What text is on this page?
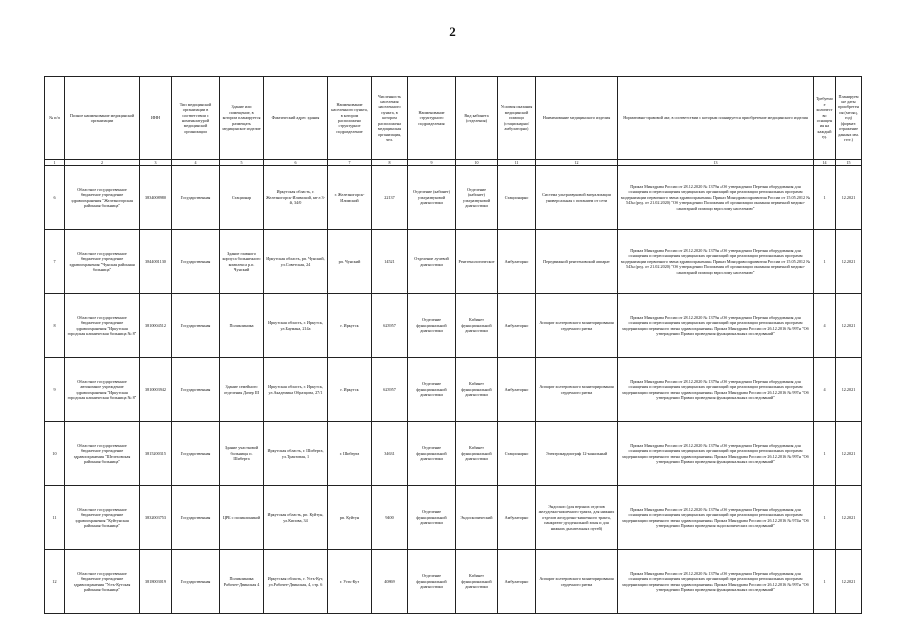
2
№ п/п	Полное наименование медицинской организации	ИНН	Тип медицинской организации в соответствии с номенклатурой медицинской организации	Здание или помещение, в котором планируется размещать медицинское изделие	Фактический адрес здания	Наименование населенного пункта, в котором расположено структурное подразделение	Численность населения населенного пункта, в котором расположена медицинская организация, чел.	Наименование структурного подразделения	Вид кабинета (отделения)	Условия оказания медицинской помощи (стационарно/амбулаторно)	Наименование медицинского изделия	Нормативно-правовой акт, в соответствии с которым планируется приобретение медицинского изделия	Требуемое количество оснащения на каждый ед.	Планируемые даты приобретения (месяц, год) (формат: отражение данных мм. гггг.)
1	2	3	4	5	6	7	8	9	10	11	12	13	14	15
6	Областное государственное бюджетное учреждение здравоохранения "Железногорская районная больница"	3834008980	Государственная	Стационар	Иркутская область, г. Железногорск-Илимский, кв-л 3-й, 34/0	г. Железногорск-Илимский	22137	Отделение (кабинет) ультразвуковой диагностики	Отделение (кабинет) ультразвуковой диагностики	Стационарно	Система ультразвуковой визуализации универсальная с питанием от сети	Приказ Минздрава России от 28.12.2020 № 1379н «Об утверждении Перечня оборудования для оснащения и переоснащения медицинских организаций при реализации региональных программ модернизации первичного звена здравоохранения» Приказ Минздравсоцразвития России от 15.05.2012 № 543н (ред. от 21.02.2020) "Об утверждении Положения об организации оказания первичной медико-санитарной помощи взрослому населению"	1	12.2021
7	Областное государственное бюджетное учреждение здравоохранения "Чунская районная больница"	3844001130	Государственная	Здание главного корпуса больничного комплекса р.п. Чунский	Иркутская область, рп. Чунский, ул.Советская, 24	рп. Чунский	14521	Отделение лучевой диагностики	Рентгенологическое	Амбулаторно	Передвижной рентгеновский аппарат	Приказ Минздрава России от 28.12.2020 № 1379н «Об утверждении Перечня оборудования для оснащения и переоснащения медицинских организаций при реализации региональных программ модернизации первичного звена здравоохранения» Приказ Минздравсоцразвития России от 15.05.2012 № 543н (ред. от 21.02.2020) "Об утверждении Положения об организации оказания первичной медико-санитарной помощи взрослому населению"	1	12.2021
8	Областное государственное бюджетное учреждение здравоохранения "Иркутская городская клиническая больница № 8"	3810004512	Государственная	Поликлиника	Иркутская область, г. Иркутск, ул.Баумана, 214а	г. Иркутск	623957	Отделение функциональной диагностики	Кабинет функциональной диагностики	Амбулаторно	Аппарат холтеровского мониторирования сердечного ритма	Приказ Минздрава России от 28.12.2020 № 1379н «Об утверждении Перечня оборудования для оснащения и переоснащения медицинских организаций при реализации региональных программ модернизации первичного звена здравоохранения» Приказ Минздрава России от 26.12.2016 № 997н "Об утверждении Правил проведения функциональных исследований"	4	12.2021
9	Областное государственное автономное учреждение здравоохранения "Иркутская городская клиническая больница № 8"	3810003942	Государственная	Здание семейного отделения Дачер III	Иркутская область, г. Иркутск, ул.Академика Образцова, 27/1	г. Иркутск	623957	Отделение функциональной диагностики	Кабинет функциональной диагностики	Амбулаторно	Аппарат холтеровского мониторирования сердечного ритма	Приказ Минздрава России от 28.12.2020 № 1379н «Об утверждении Перечня оборудования для оснащения и переоснащения медицинских организаций при реализации региональных программ модернизации первичного звена здравоохранения» Приказ Минздрава России от 26.12.2016 № 997н "Об утверждении Правил проведения функциональных исследований"	4	12.2021
10	Областное государственное бюджетное учреждение здравоохранения "Шелеховская районная больница"	3815200315	Государственная	Здание участковой больницы п. Шиберта	Иркутская область, г. Шиберта, ул.Трактовая, 1	г. Шиберта	34631	Отделение функциональной диагностики	Кабинет функциональной диагностики	Стационарно	Электрокардиограф 12-канальный	Приказ Минздрава России от 28.12.2020 № 1379н «Об утверждении Перечня оборудования для оснащения и переоснащения медицинских организаций при реализации региональных программ модернизации первичного звена здравоохранения» Приказ Минздрава России от 26.12.2016 № 997н "Об утверждении Правил проведения функциональных исследований"	1	12.2021
11	Областное государственное бюджетное учреждение здравоохранения "Куйтунская районная больница"	3832003753	Государственная	ЦРБ с поликлиникой	Иркутская область, рп. Куйтун, ул.Кипова, 34	рп. Куйтун	9400	Отделение функциональной диагностики	Эндоскопический	Амбулаторно	Эндоскоп (для верхних отделов желудочно-кишечного тракта, для нижних отделов желудочно-кишечного тракта, панкреато-дуоденальной зоны и для нижних дыхательных путей)	Приказ Минздрава России от 28.12.2020 № 1379н «Об утверждении Перечня оборудования для оснащения и переоснащения медицинских организаций при реализации региональных программ модернизации первичного звена здравоохранения» Приказ Минздрава России от 26.12.2016 № 974н "Об утверждении Правил проведения эндоскопических исследований"	1	12.2021
12	Областное государственное бюджетное учреждение здравоохранения "Усть-Кутская районная больница"	3818003019	Государственная	Поликлиника Рабочее-Двинская 4	Иркутская область, г. Усть-Кут, ул.Рабочее-Двинская, 4, стр. 6	г. Усть-Кут	40869	Отделение функциональной диагностики	Кабинет функциональной диагностики	Амбулаторно	Аппарат холтеровского мониторирования сердечного ритма	Приказ Минздрава России от 28.12.2020 № 1379н «Об утверждении Перечня оборудования для оснащения и переоснащения медицинских организаций при реализации региональных программ модернизации первичного звена здравоохранения» Приказ Минздрава России от 26.12.2016 № 997н "Об утверждении Правил проведения функциональных исследований"	1	12.2021
